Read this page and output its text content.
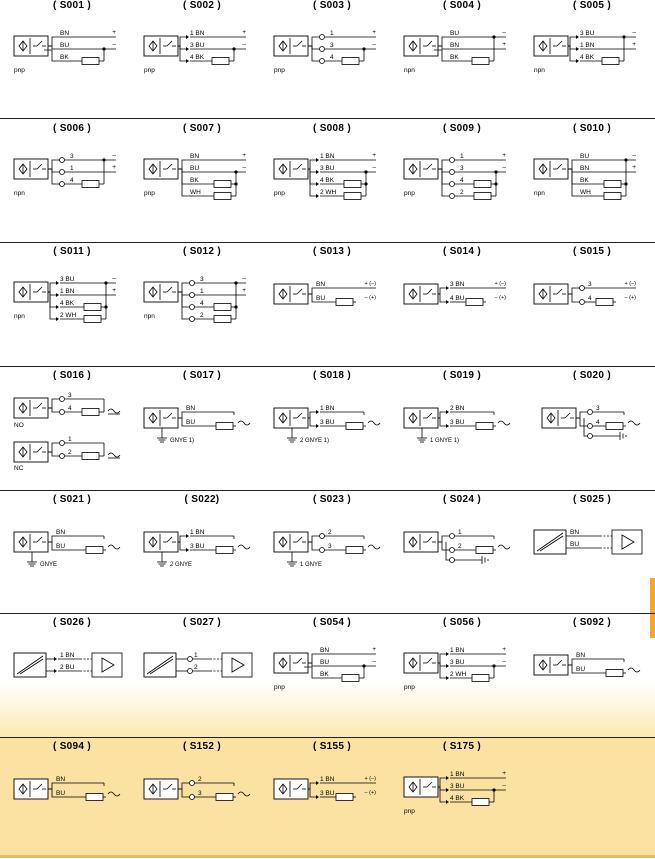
( S001 )
BN
BU
BK
+
–
pnp
( S002 )
1 BN
3 BU
4 BK
+
–
pnp
( S003 )
1
3
4
+
–
pnp
( S004 )
BU
BN
BK
–
+
npn
( S005 )
3 BU
1 BN
4 BK
–
+
npn
( S006 )
3
1
4
–
+
npn
( S007 )
BN
BU
BK
WH
+
–
pnp
( S008 )
1 BN
3 BU
4 BK
2 WH
+
–
pnp
( S009 )
1
3
4
2
+
–
pnp
( S010 )
BU
BN
BK
WH
–
+
npn
( S011 )
3 BU
1 BN
4 BK
2 WH
–
+
npn
( S012 )
3
1
4
2
–
+
npn
( S013 )
BN
BU
+ (–)
– (+)
( S014 )
3 BN
4 BU
+ (–)
– (+)
( S015 )
3
4
+ (–)
– (+)
( S016 )
3
4
1
2
NO
NC
( S017 )
BN
BU
GNYE 1)
( S018 )
1 BN
3 BU
2 GNYE 1)
( S019 )
2 BN
3 BU
1 GNYE 1)
( S020 )
3
4
( S021 )
BN
BU
GNYE
( S022)
1 BN
3 BU
2 GNYE
( S023 )
2
3
1 GNYE
( S024 )
1
2
( S025 )
BN
BU
( S026 )
1 BN
2 BU
( S027 )
1
2
( S054 )
BN
BU
BK
+
–
pnp
( S056 )
1 BN
3 BU
2 WH
+
–
pnp
( S092 )
BN
BU
( S094 )
BN
BU
( S152 )
2
3
( S155 )
1 BN
3 BU
+ (–)
– (+)
( S175 )
1 BN
3 BU
4 BK
+
–
pnp
